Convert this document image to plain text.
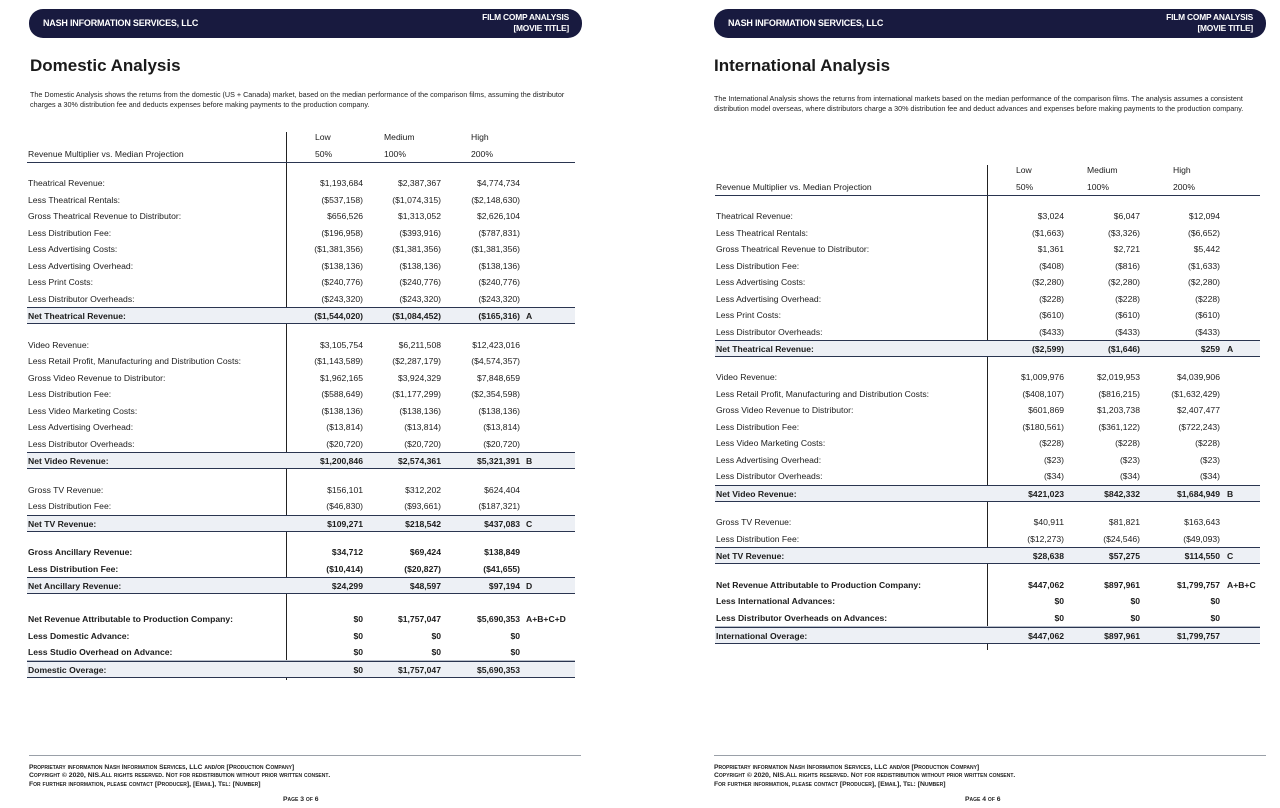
NASH INFORMATION SERVICES, LLC
FILM COMP ANALYSIS
[MOVIE TITLE]
Domestic Analysis
The Domestic Analysis shows the returns from the domestic (US + Canada) market, based on the median performance of the comparison films, assuming the distributor charges a 30% distribution fee and deducts expenses before making payments to the production company.
Low	Medium	High
Revenue Multiplier vs. Median Projection	50%	100%	200%
Theatrical Revenue:	$1,193,684	$2,387,367	$4,774,734
Less Theatrical Rentals:	($537,158)	($1,074,315)	($2,148,630)
Gross Theatrical Revenue to Distributor:	$656,526	$1,313,052	$2,626,104
Less Distribution Fee:	($196,958)	($393,916)	($787,831)
Less Advertising Costs:	($1,381,356)	($1,381,356)	($1,381,356)
Less Advertising Overhead:	($138,136)	($138,136)	($138,136)
Less Print Costs:	($240,776)	($240,776)	($240,776)
Less Distributor Overheads:	($243,320)	($243,320)	($243,320)
Net Theatrical Revenue:	($1,544,020)	($1,084,452)	($165,316) A
Video Revenue:	$3,105,754	$6,211,508	$12,423,016
Less Retail Profit, Manufacturing and Distribution Costs:	($1,143,589)	($2,287,179)	($4,574,357)
Gross Video Revenue to Distributor:	$1,962,165	$3,924,329	$7,848,659
Less Distribution Fee:	($588,649)	($1,177,299)	($2,354,598)
Less Video Marketing Costs:	($138,136)	($138,136)	($138,136)
Less Advertising Overhead:	($13,814)	($13,814)	($13,814)
Less Distributor Overheads:	($20,720)	($20,720)	($20,720)
Net Video Revenue:	$1,200,846	$2,574,361	$5,321,391 B
Gross TV Revenue:	$156,101	$312,202	$624,404
Less Distribution Fee:	($46,830)	($93,661)	($187,321)
Net TV Revenue:	$109,271	$218,542	$437,083 C
Gross Ancillary Revenue:	$34,712	$69,424	$138,849
Less Distribution Fee:	($10,414)	($20,827)	($41,655)
Net Ancillary Revenue:	$24,299	$48,597	$97,194 D
Net Revenue Attributable to Production Company:	$0	$1,757,047	$5,690,353 A+B+C+D
Less Domestic Advance:	$0	$0	$0
Less Studio Overhead on Advance:	$0	$0	$0
Domestic Overage:	$0	$1,757,047	$5,690,353
Proprietary information Nash Information Services, LLC and/or [Production Company]
Copyright © 2020, NIS.All rights reserved. Not for redistribution without prior written consent.
For further information, please contact [Producer], [Email], Tel: [Number]
Page 3 of 6
NASH INFORMATION SERVICES, LLC
FILM COMP ANALYSIS
[MOVIE TITLE]
International Analysis
The International Analysis shows the returns from international markets based on the median performance of the comparison films. The analysis assumes a consistent distribution model overseas, where distributors charge a 30% distribution fee and deduct advances and expenses before making payments to the production company.
Low	Medium	High
Revenue Multiplier vs. Median Projection	50%	100%	200%
Theatrical Revenue:	$3,024	$6,047	$12,094
Less Theatrical Rentals:	($1,663)	($3,326)	($6,652)
Gross Theatrical Revenue to Distributor:	$1,361	$2,721	$5,442
Less Distribution Fee:	($408)	($816)	($1,633)
Less Advertising Costs:	($2,280)	($2,280)	($2,280)
Less Advertising Overhead:	($228)	($228)	($228)
Less Print Costs:	($610)	($610)	($610)
Less Distributor Overheads:	($433)	($433)	($433)
Net Theatrical Revenue:	($2,599)	($1,646)	$259 A
Video Revenue:	$1,009,976	$2,019,953	$4,039,906
Less Retail Profit, Manufacturing and Distribution Costs:	($408,107)	($816,215)	($1,632,429)
Gross Video Revenue to Distributor:	$601,869	$1,203,738	$2,407,477
Less Distribution Fee:	($180,561)	($361,122)	($722,243)
Less Video Marketing Costs:	($228)	($228)	($228)
Less Advertising Overhead:	($23)	($23)	($23)
Less Distributor Overheads:	($34)	($34)	($34)
Net Video Revenue:	$421,023	$842,332	$1,684,949 B
Gross TV Revenue:	$40,911	$81,821	$163,643
Less Distribution Fee:	($12,273)	($24,546)	($49,093)
Net TV Revenue:	$28,638	$57,275	$114,550 C
Net Revenue Attributable to Production Company:	$447,062	$897,961	$1,799,757 A+B+C
Less International Advances:	$0	$0	$0
Less Distributor Overheads on Advances:	$0	$0	$0
International Overage:	$447,062	$897,961	$1,799,757
Proprietary information Nash Information Services, LLC and/or [Production Company]
Copyright © 2020, NIS.All rights reserved. Not for redistribution without prior written consent.
For further information, please contact [Producer], [Email], Tel: [Number]
Page 4 of 6
